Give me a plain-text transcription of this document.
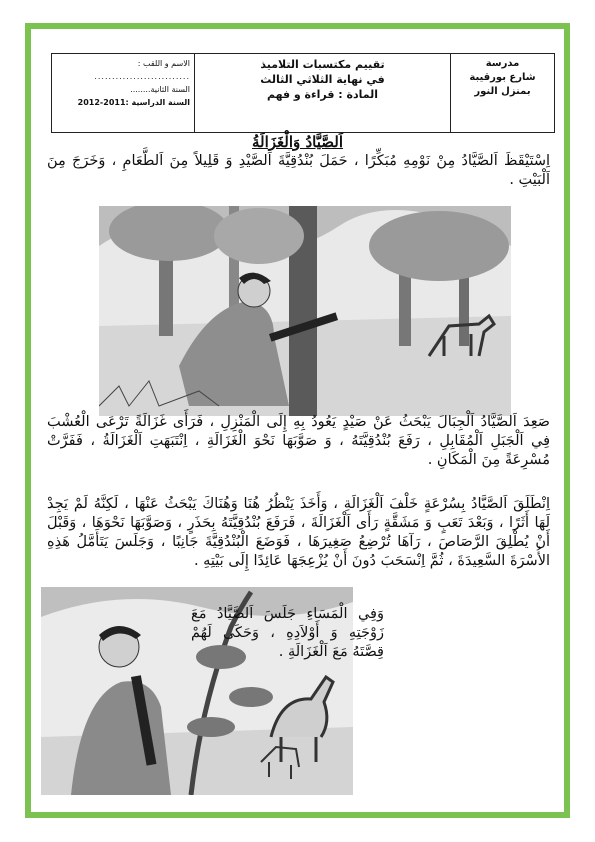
مدرسة
شارع بورقيبة
بمنزل النور
تقييم مكتسبات التلاميذ
في نهاية الثلاثي الثالث
المادة : قراءة و فهم
الاسم و اللقب :
...........................
السنة الثانية........
السنة الدراسية :2011-2012
اَلصَّيَّادُ وَالْغَزَالَةُ
اِسْتَيْقَظَ اَلصَّيَّادُ مِنْ نَوْمِهِ مُبَكِّرًا ، حَمَلَ بُنْدُقِيَّةَ اَلصَّيْدِ وَ قَلِيلاً مِنَ اَلطَّعَامِ ، وَخَرَجَ مِنَ اَلْبَيْتِ .
صَعِدَ اَلصَّيَّادُ اَلْجِبَالَ يَبْحَثُ عَنْ صَيْدٍ يَعُودُ بِهِ إِلَى الْمَنْزِلِ ، فَرَأَى غَزَالَةً تَرْعَى الْعُشْبَ فِي اَلْجَبَلِ اَلْمُقَابِلِ ، رَفَعَ بُنْدُقِيَّتَهُ ، وَ صَوَّبَهَا نَحْوَ الْغَزَالَةِ ، اِنْتَبَهَتِ اَلْغَزَالَةُ ، فَفَرَّتْ مُسْرِعَةً مِنَ الْمَكَانِ .
اِنْطَلَقَ اَلصَّيَّادُ بِسُرْعَةٍ خَلْفَ اَلْغَزَالَةِ ، وَأَخَذَ يَنْظُرُ هُنَا وَهُنَاكَ يَبْحَثُ عَنْهَا ، لَكِنَّهُ لَمْ يَجِدْ لَهَا أَثَرًا ، وَبَعْدَ تَعَبٍ وَ مَشَقَّةٍ رَأَى اَلْغَزَالَةَ ، فَرَفَعَ بُنْدُقِيَّتَهُ بِحَذَرٍ ، وَصَوَّبَهَا نَحْوَهَا ، وَقَبْلَ أَنْ يُطْلِقَ الرَّصَاصَ ، رَآهَا تُرْضِعُ صَغِيرَهَا ، فَوَضَعَ الْبُنْدُقِيَّةَ جَانِبًا ، وَجَلَسَ يَتَأَمَّلُ هَذِهِ الأُسْرَةَ السَّعِيدَةَ ، ثُمَّ اِنْسَحَبَ دُونَ أَنْ يُزْعِجَهَا عَائِدًا إِلَى بَيْتِهِ .
وَفِي الْمَسَاءِ جَلَسَ اَلصَّيَّادُ مَعَ زَوْجَتِهِ وَ أَوْلاَدِهِ ، وَحَكَى لَهُمْ قِصَّتَهُ مَعَ اَلْغَزَالَةِ .
